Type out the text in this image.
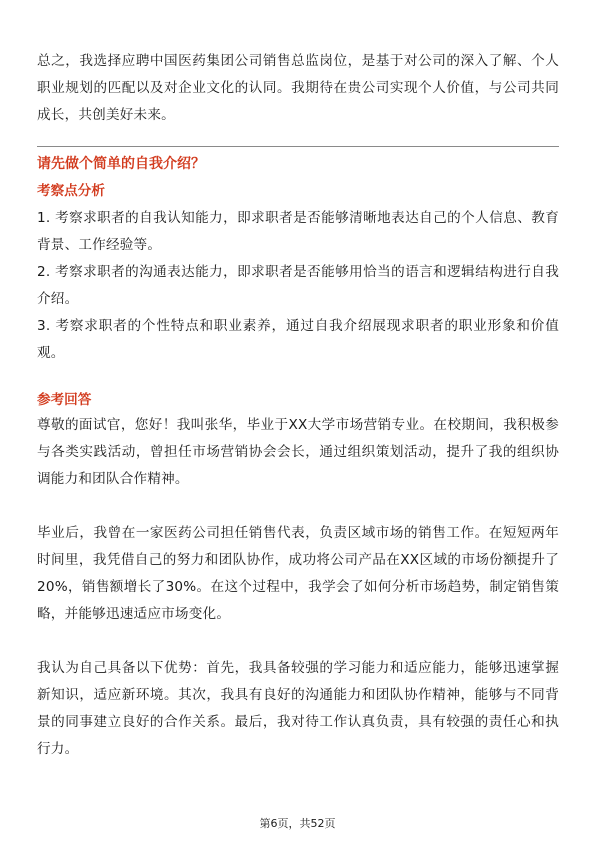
总之，我选择应聘中国医药集团公司销售总监岗位，是基于对公司的深入了解、个人职业规划的匹配以及对企业文化的认同。我期待在贵公司实现个人价值，与公司共同成长，共创美好未来。

请先做个简单的自我介绍？

考察点分析

1. 考察求职者的自我认知能力，即求职者是否能够清晰地表达自己的个人信息、教育背景、工作经验等。

2. 考察求职者的沟通表达能力，即求职者是否能够用恰当的语言和逻辑结构进行自我介绍。

3. 考察求职者的个性特点和职业素养，通过自我介绍展现求职者的职业形象和价值观。

参考回答

尊敬的面试官，您好！我叫张华，毕业于XX大学市场营销专业。在校期间，我积极参与各类实践活动，曾担任市场营销协会会长，通过组织策划活动，提升了我的组织协调能力和团队合作精神。

毕业后，我曾在一家医药公司担任销售代表，负责区域市场的销售工作。在短短两年时间里，我凭借自己的努力和团队协作，成功将公司产品在XX区域的市场份额提升了20%，销售额增长了30%。在这个过程中，我学会了如何分析市场趋势，制定销售策略，并能够迅速适应市场变化。

我认为自己具备以下优势：首先，我具备较强的学习能力和适应能力，能够迅速掌握新知识，适应新环境。其次，我具有良好的沟通能力和团队协作精神，能够与不同背景的同事建立良好的合作关系。最后，我对待工作认真负责，具有较强的责任心和执行力。

第6页，共52页
